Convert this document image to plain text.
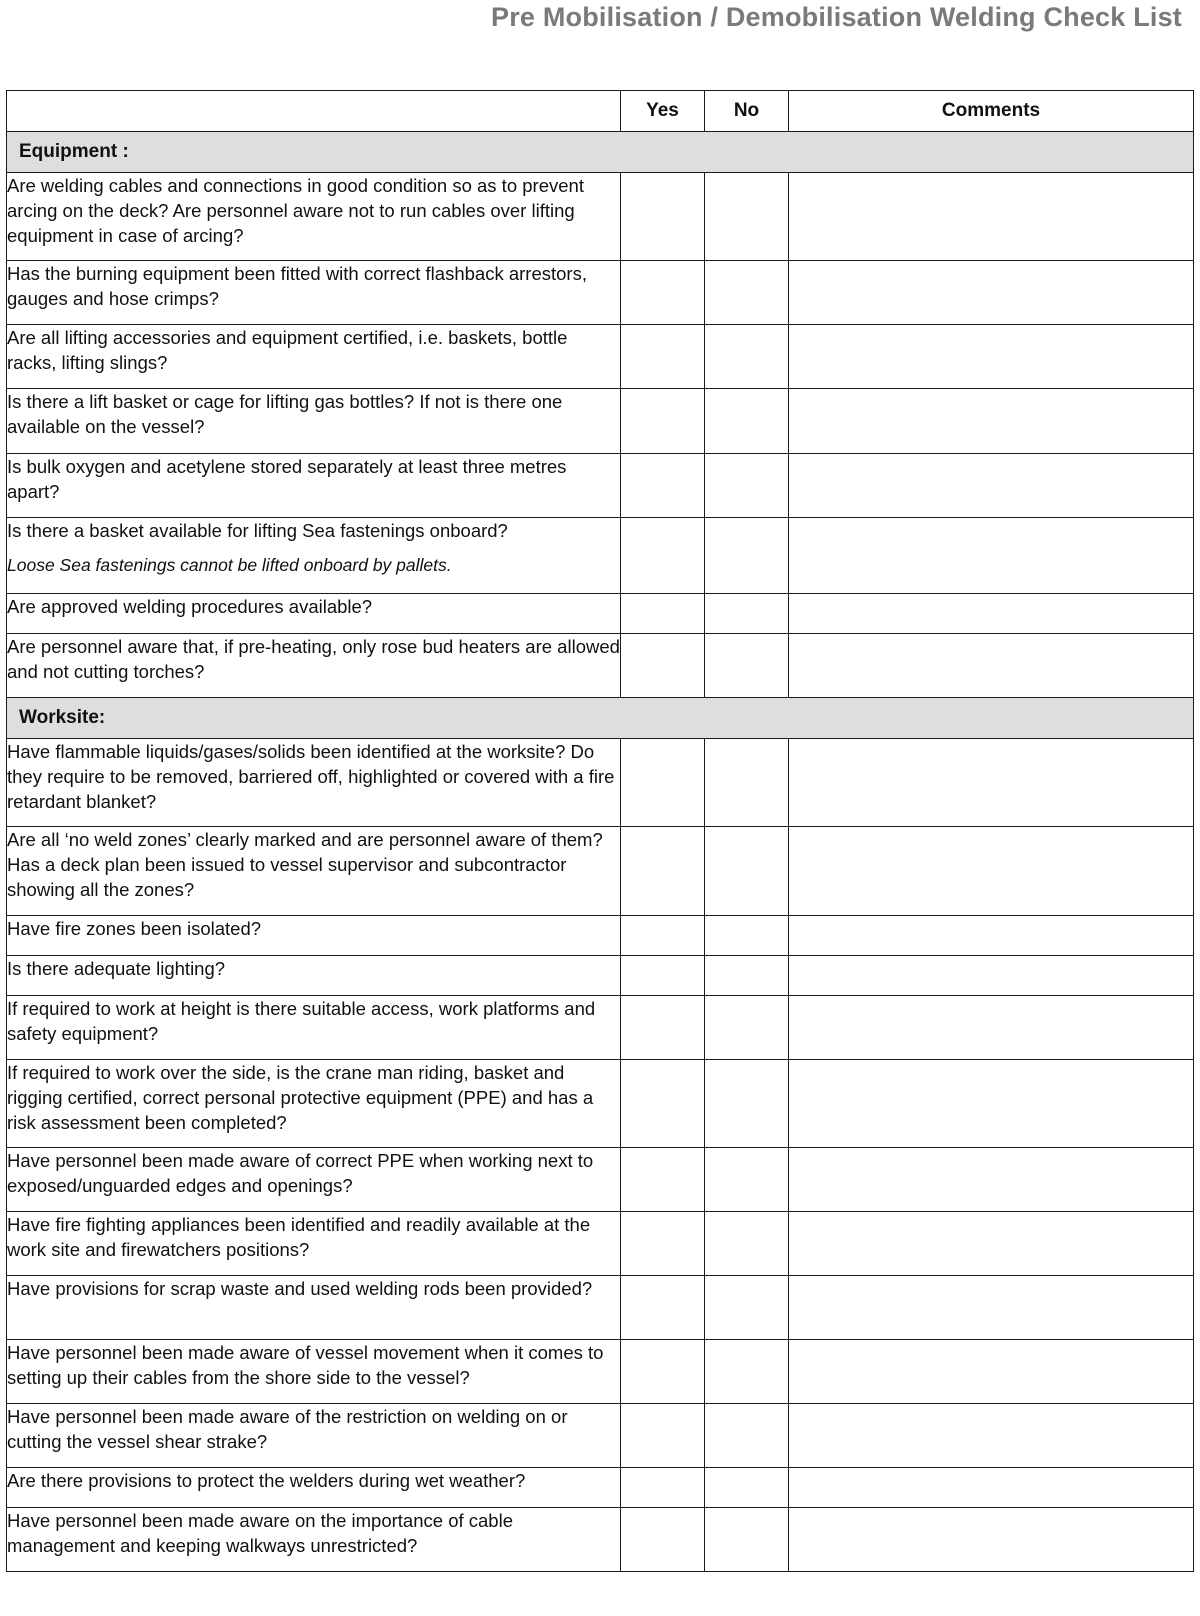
Pre Mobilisation / Demobilisation Welding Check List
	Yes	No	Comments
Equipment :			
Are welding cables and connections in good condition so as to prevent arcing on the deck? Are personnel aware not to run cables over lifting equipment in case of arcing?			
Has the burning equipment been fitted with correct flashback arrestors, gauges and hose crimps?			
Are all lifting accessories and equipment certified, i.e. baskets, bottle racks, lifting slings?			
Is there a lift basket or cage for lifting gas bottles? If not is there one available on the vessel?			
Is bulk oxygen and acetylene stored separately at least three metres apart?			
Is there a basket available for lifting Sea fastenings onboard?
Loose Sea fastenings cannot be lifted onboard by pallets.			

Are approved welding procedures available?			
Are personnel aware that, if pre-heating, only rose bud heaters are allowed and not cutting torches?			
Worksite:			
Have flammable liquids/gases/solids been identified at the worksite? Do they require to be removed, barriered off, highlighted or covered with a fire retardant blanket?			
Are all ‘no weld zones’ clearly marked and are personnel aware of them? Has a deck plan been issued to vessel supervisor and subcontractor showing all the zones?			
Have fire zones been isolated?			
Is there adequate lighting?			
If required to work at height is there suitable access, work platforms and safety equipment?			
If required to work over the side, is the crane man riding, basket and rigging certified, correct personal protective equipment (PPE) and has a risk assessment been completed?			
Have personnel been made aware of correct PPE when working next to exposed/unguarded edges and openings?			
Have fire fighting appliances been identified and readily available at the work site and firewatchers positions?			
Have provisions for scrap waste and used welding rods been provided?			
Have personnel been made aware of vessel movement when it comes to setting up their cables from the shore side to the vessel?			
Have personnel been made aware of the restriction on welding on or cutting the vessel shear strake?			
Are there provisions to protect the welders during wet weather?			
Have personnel been made aware on the importance of cable management and keeping walkways unrestricted?			
